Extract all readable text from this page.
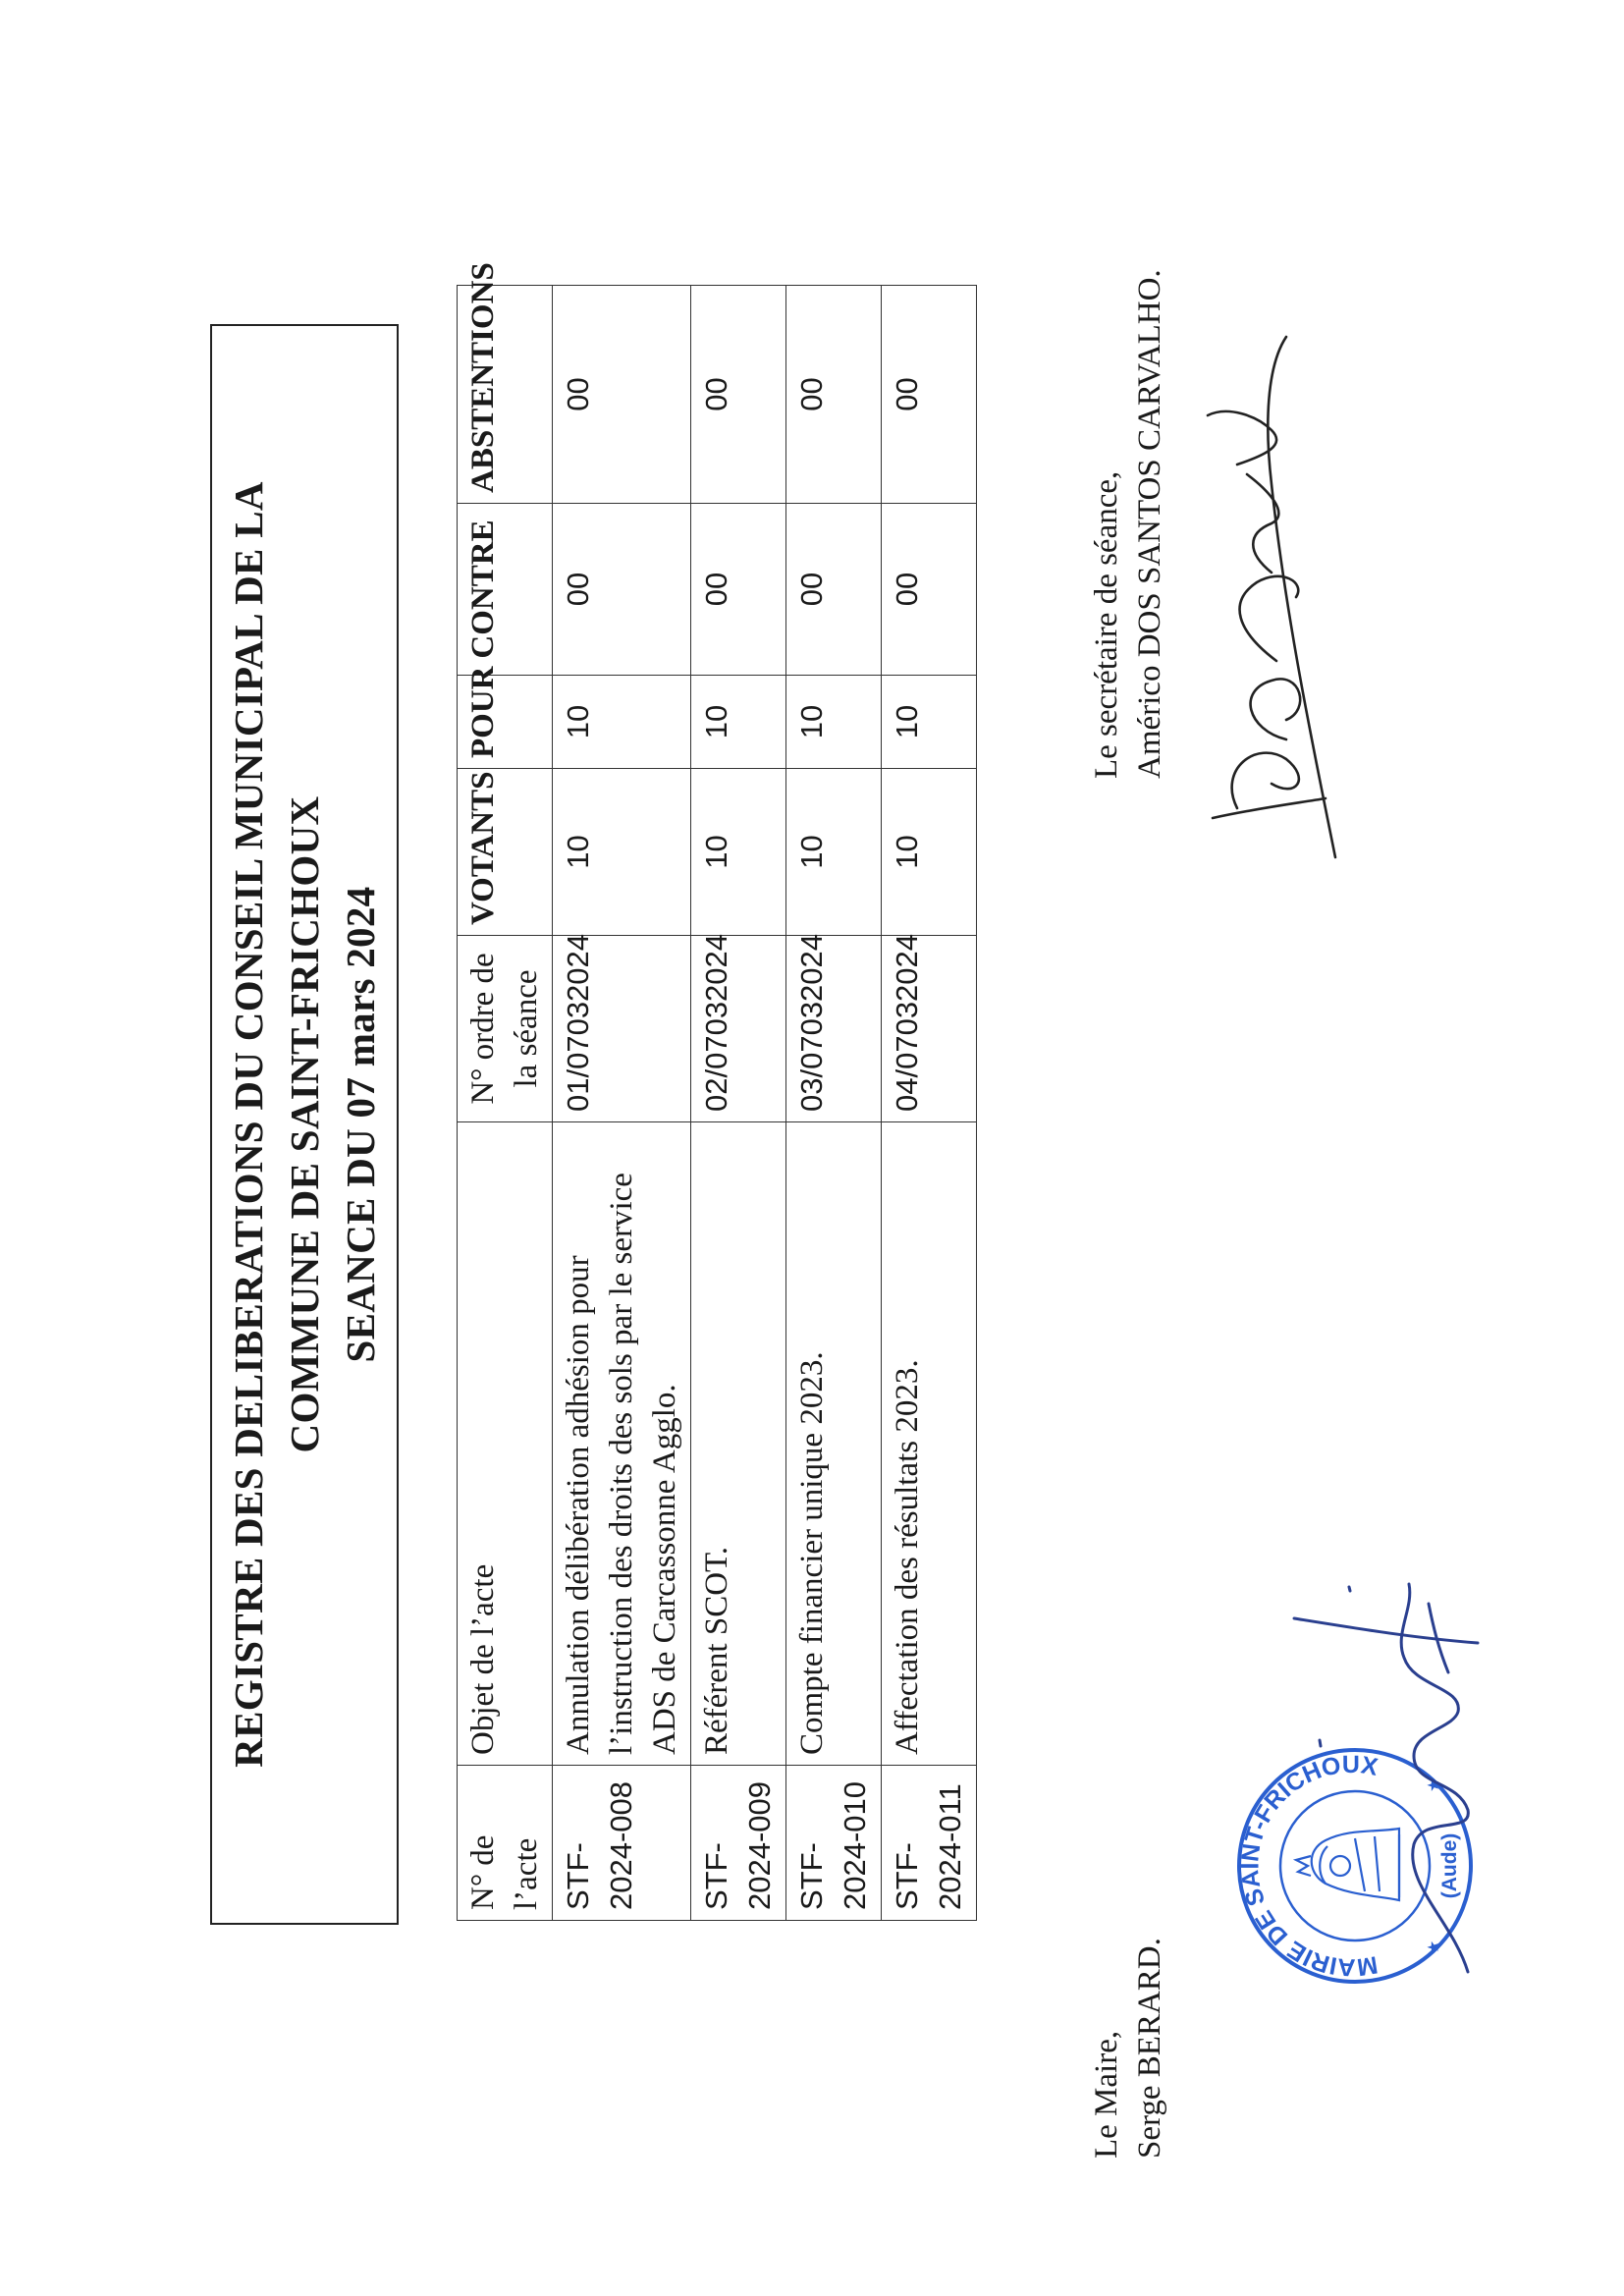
REGISTRE DES DELIBERATIONS DU CONSEIL MUNICIPAL DE LA COMMUNE DE SAINT-FRICHOUX SEANCE DU 07 mars 2024
N° de l’acte	Objet de l’acte	N° ordre de la séance	VOTANTS	POUR	CONTRE	ABSTENTIONS
STF-2024-008	Annulation délibération adhésion pour l’instruction des droits des sols par le service ADS de Carcassonne Agglo.	01/07032024	10	10	00	00
STF-2024-009	Référent SCOT.	02/07032024	10	10	00	00
STF-2024-010	Compte financier unique 2023.	03/07032024	10	10	00	00
STF-2024-011	Affectation des résultats 2023.	04/07032024	10	10	00	00
Le Maire, Serge BERARD.	MAIRIE DE SAINT-FRICHOUX
(Aude)
★
★
Le secrétaire de séance, Américo DOS SANTOS CARVALHO.
